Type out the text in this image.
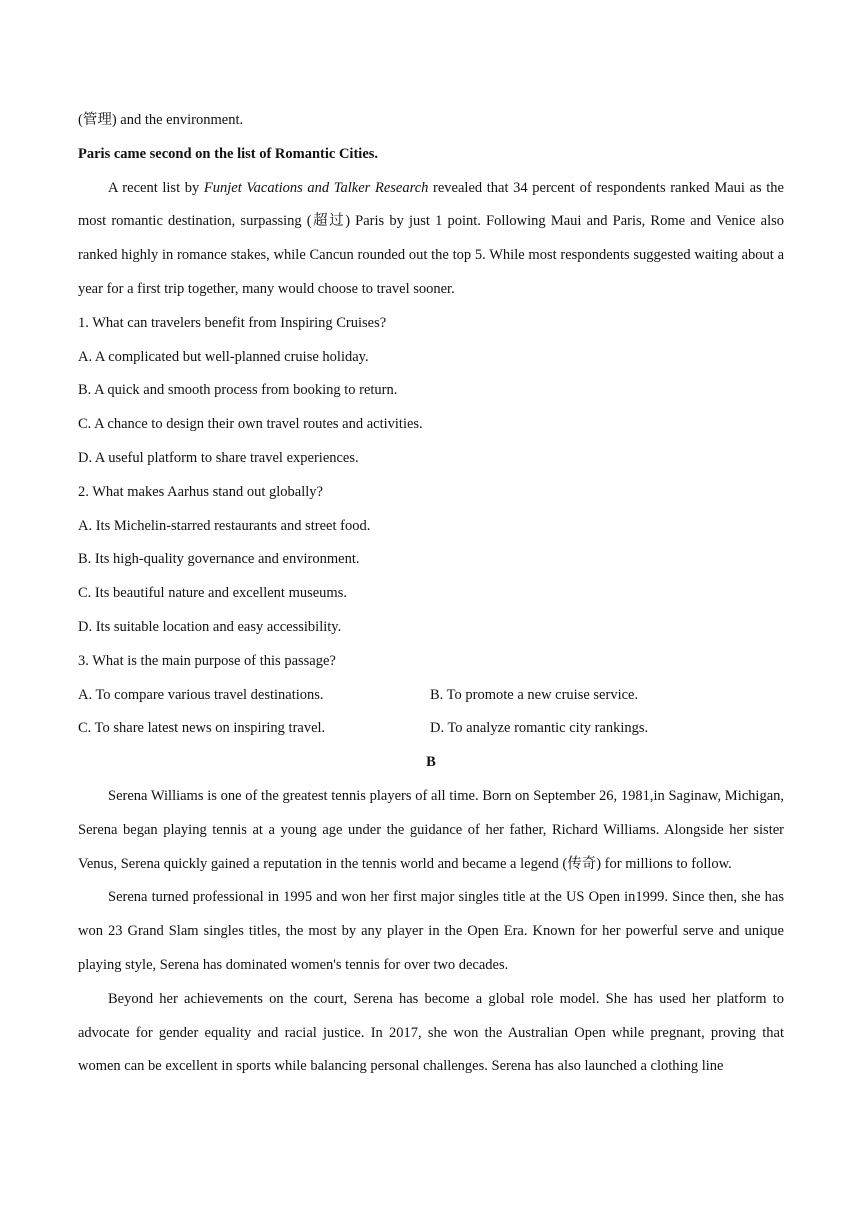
(管理) and the environment.
Paris came second on the list of Romantic Cities.
A recent list by Funjet Vacations and Talker Research revealed that 34 percent of respondents ranked Maui as the most romantic destination, surpassing (超过) Paris by just 1 point. Following Maui and Paris, Rome and Venice also ranked highly in romance stakes, while Cancun rounded out the top 5. While most respondents suggested waiting about a year for a first trip together, many would choose to travel sooner.
1. What can travelers benefit from Inspiring Cruises?
A. A complicated but well-planned cruise holiday.
B. A quick and smooth process from booking to return.
C. A chance to design their own travel routes and activities.
D. A useful platform to share travel experiences.
2. What makes Aarhus stand out globally?
A. Its Michelin-starred restaurants and street food.
B. Its high-quality governance and environment.
C. Its beautiful nature and excellent museums.
D. Its suitable location and easy accessibility.
3. What is the main purpose of this passage?
A. To compare various travel destinations.	B. To promote a new cruise service.
C. To share latest news on inspiring travel.	D. To analyze romantic city rankings.
B
Serena Williams is one of the greatest tennis players of all time. Born on September 26, 1981,in Saginaw, Michigan, Serena began playing tennis at a young age under the guidance of her father, Richard Williams. Alongside her sister Venus, Serena quickly gained a reputation in the tennis world and became a legend (传奇) for millions to follow.
Serena turned professional in 1995 and won her first major singles title at the US Open in1999. Since then, she has won 23 Grand Slam singles titles, the most by any player in the Open Era. Known for her powerful serve and unique playing style, Serena has dominated women's tennis for over two decades.
Beyond her achievements on the court, Serena has become a global role model. She has used her platform to advocate for gender equality and racial justice. In 2017, she won the Australian Open while pregnant, proving that women can be excellent in sports while balancing personal challenges. Serena has also launched a clothing line
